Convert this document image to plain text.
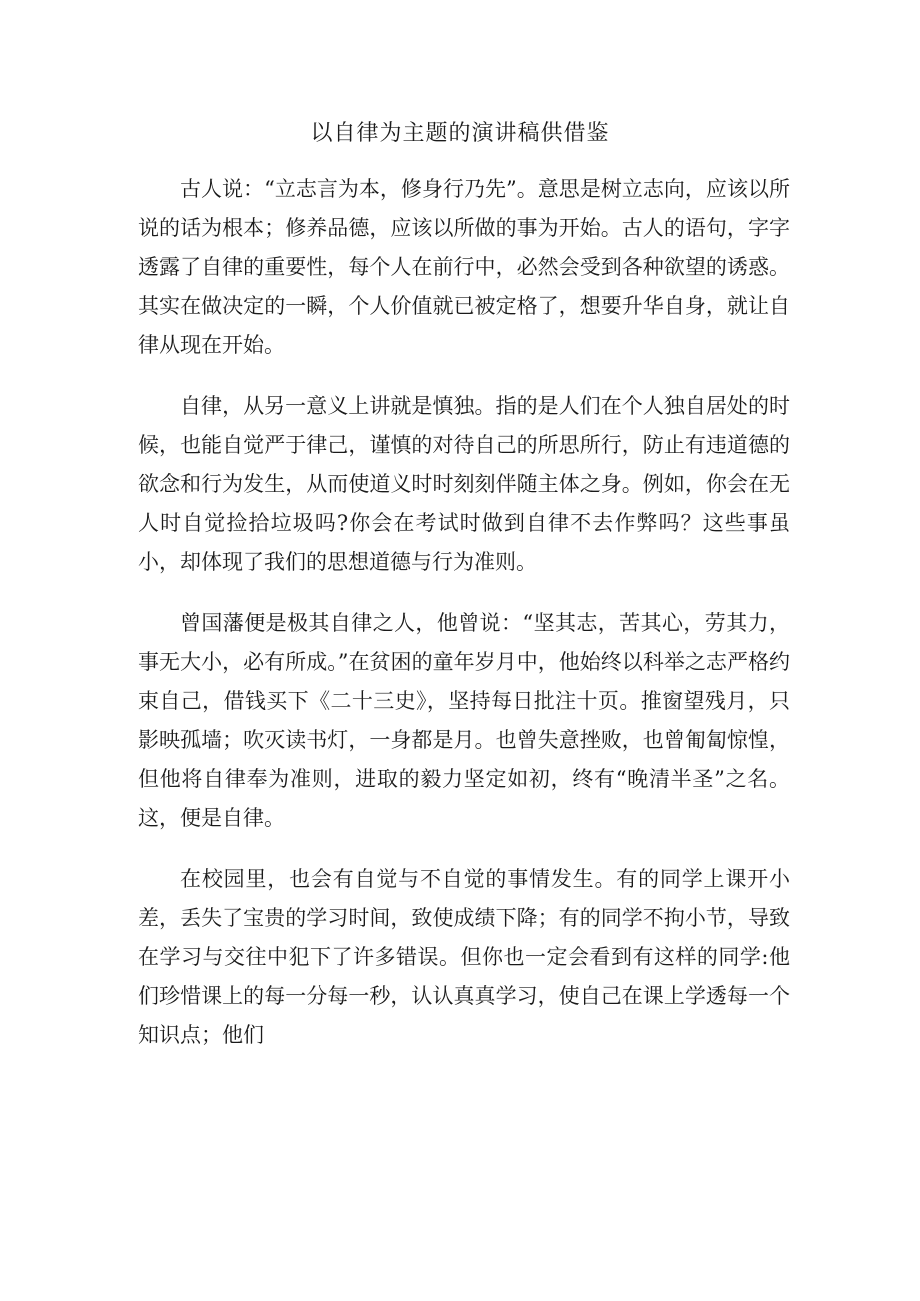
以自律为主题的演讲稿供借鉴

古人说：“立志言为本，修身行乃先”。意思是树立志向，应该以所说的话为根本；修养品德，应该以所做的事为开始。古人的语句，字字透露了自律的重要性，每个人在前行中，必然会受到各种欲望的诱惑。其实在做决定的一瞬，个人价值就已被定格了，想要升华自身，就让自律从现在开始。

自律，从另一意义上讲就是慎独。指的是人们在个人独自居处的时候，也能自觉严于律己，谨慎的对待自己的所思所行，防止有违道德的欲念和行为发生，从而使道义时时刻刻伴随主体之身。例如，你会在无人时自觉捡拾垃圾吗?你会在考试时做到自律不去作弊吗？这些事虽小，却体现了我们的思想道德与行为准则。

曾国藩便是极其自律之人，他曾说：“坚其志，苦其心，劳其力，事无大小，必有所成。”在贫困的童年岁月中，他始终以科举之志严格约束自己，借钱买下《二十三史》，坚持每日批注十页。推窗望残月，只影映孤墙；吹灭读书灯，一身都是月。也曾失意挫败，也曾匍匐惊惶，但他将自律奉为准则，进取的毅力坚定如初，终有“晚清半圣”之名。这，便是自律。

在校园里，也会有自觉与不自觉的事情发生。有的同学上课开小差，丢失了宝贵的学习时间，致使成绩下降；有的同学不拘小节，导致在学习与交往中犯下了许多错误。但你也一定会看到有这样的同学:他们珍惜课上的每一分每一秒，认认真真学习，使自己在课上学透每一个知识点；他们
